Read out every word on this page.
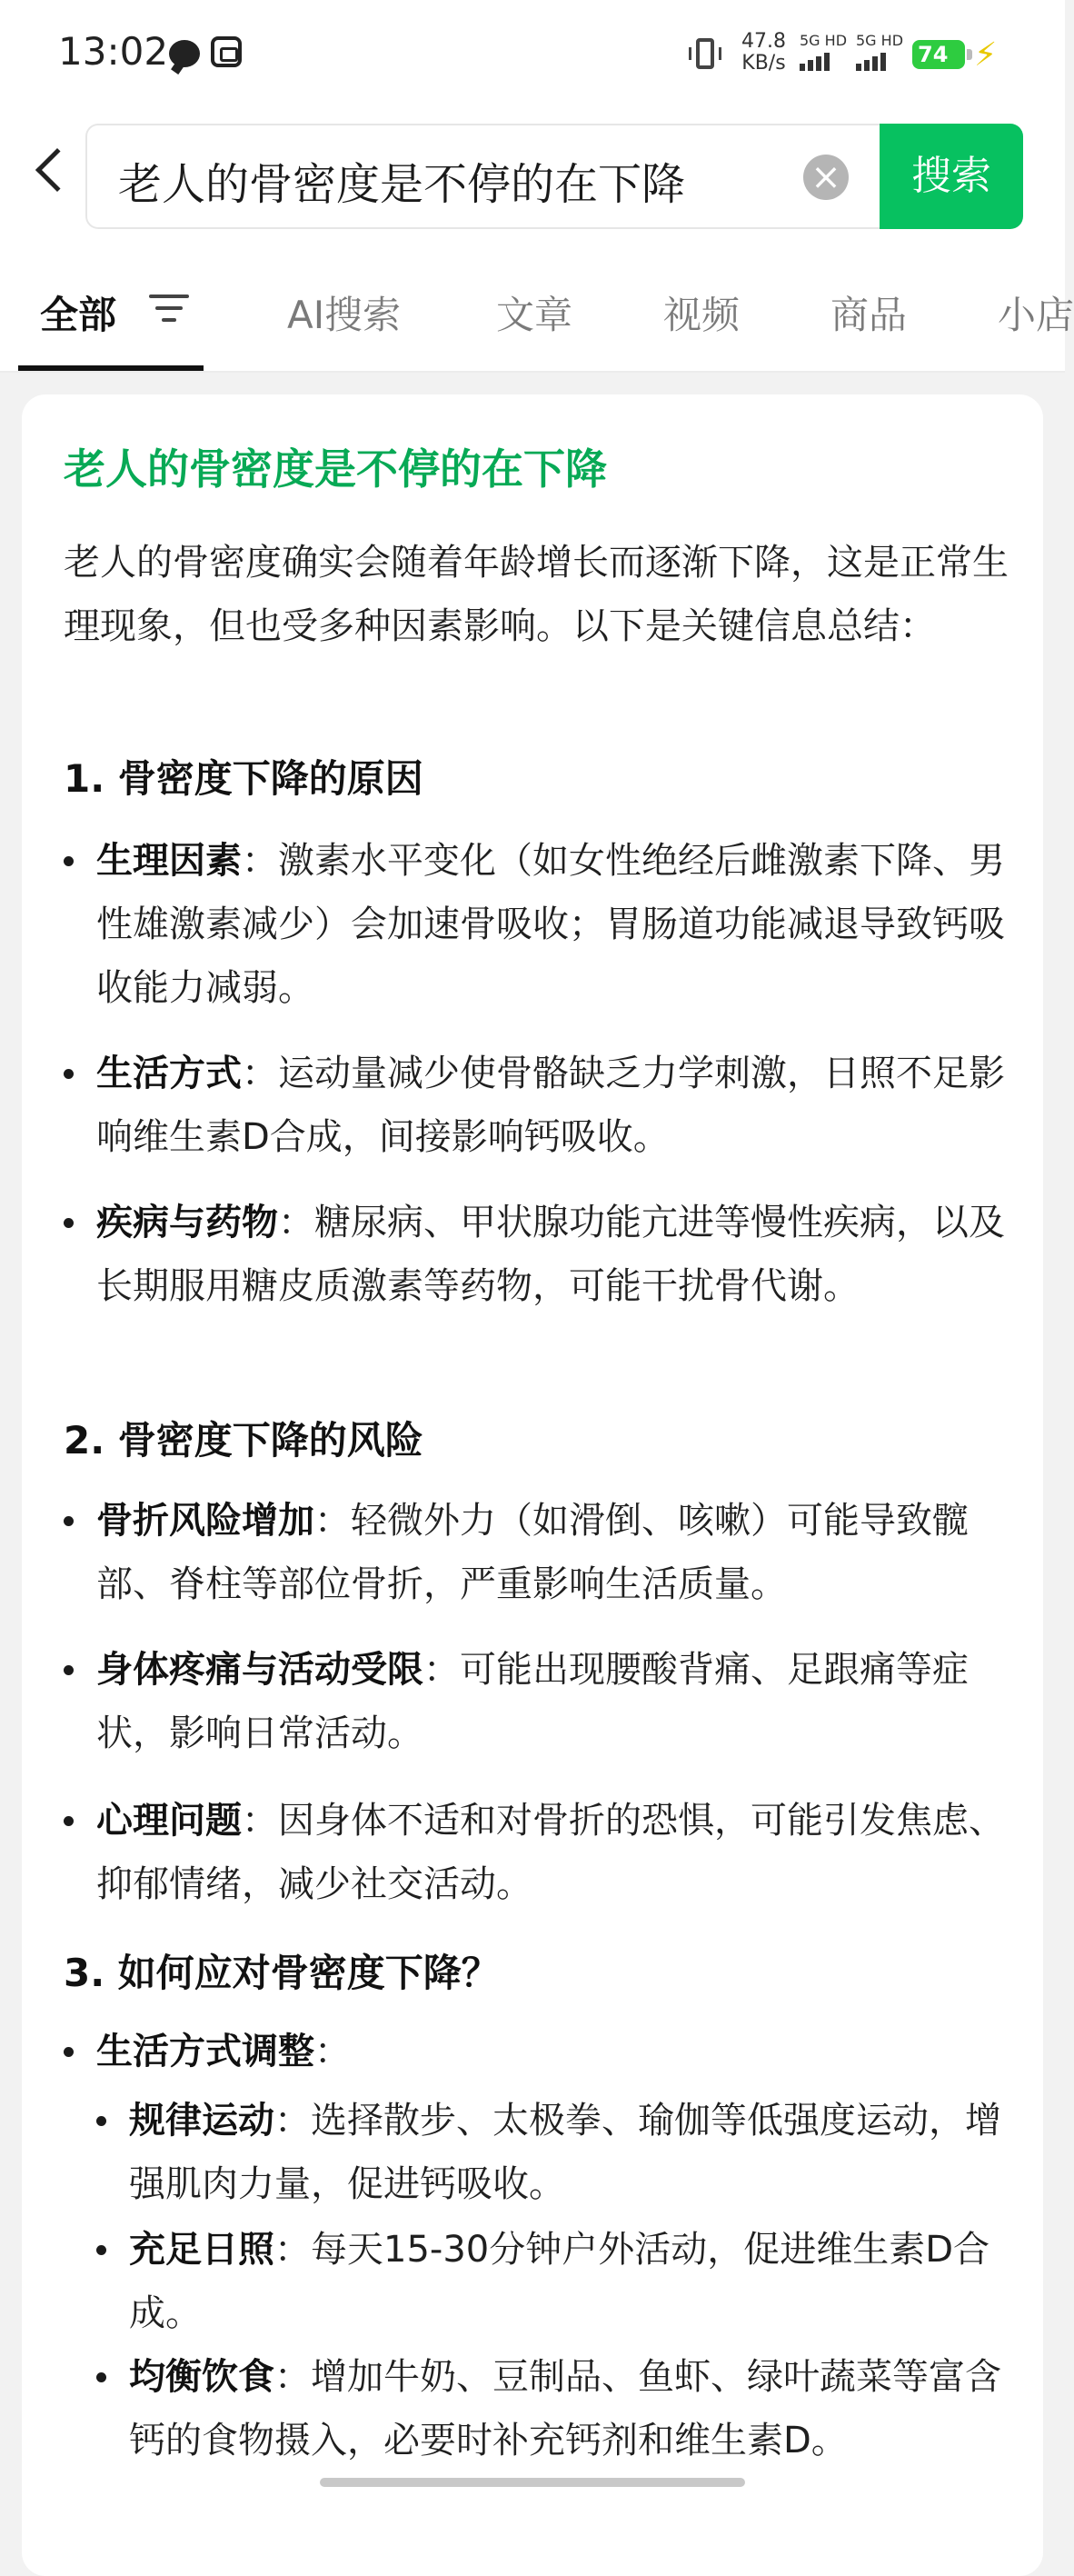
13:02	47.8
KB/s
5G HD 5G HD
74 ⚡
老人的骨密度是不停的在下降	×	搜索
全部	AI搜索 文章 视频 商品 小店
老人的骨密度是不停的在下降
老人的骨密度确实会随着年龄增长而逐渐下降，这是正常生理现象，但也受多种因素影响。以下是关键信息总结：
1. 骨密度下降的原因
生理因素：激素水平变化（如女性绝经后雌激素下降、男性雄激素减少）会加速骨吸收；胃肠道功能减退导致钙吸收能力减弱。
生活方式：运动量减少使骨骼缺乏力学刺激，日照不足影响维生素D合成，间接影响钙吸收。
疾病与药物：糖尿病、甲状腺功能亢进等慢性疾病，以及长期服用糖皮质激素等药物，可能干扰骨代谢。
2. 骨密度下降的风险
骨折风险增加：轻微外力（如滑倒、咳嗽）可能导致髋部、脊柱等部位骨折，严重影响生活质量。
身体疼痛与活动受限：可能出现腰酸背痛、足跟痛等症状，影响日常活动。
心理问题：因身体不适和对骨折的恐惧，可能引发焦虑、抑郁情绪，减少社交活动。
3. 如何应对骨密度下降？
生活方式调整：
规律运动：选择散步、太极拳、瑜伽等低强度运动，增强肌肉力量，促进钙吸收。
充足日照：每天15-30分钟户外活动，促进维生素D合成。
均衡饮食：增加牛奶、豆制品、鱼虾、绿叶蔬菜等富含钙的食物摄入，必要时补充钙剂和维生素D。
